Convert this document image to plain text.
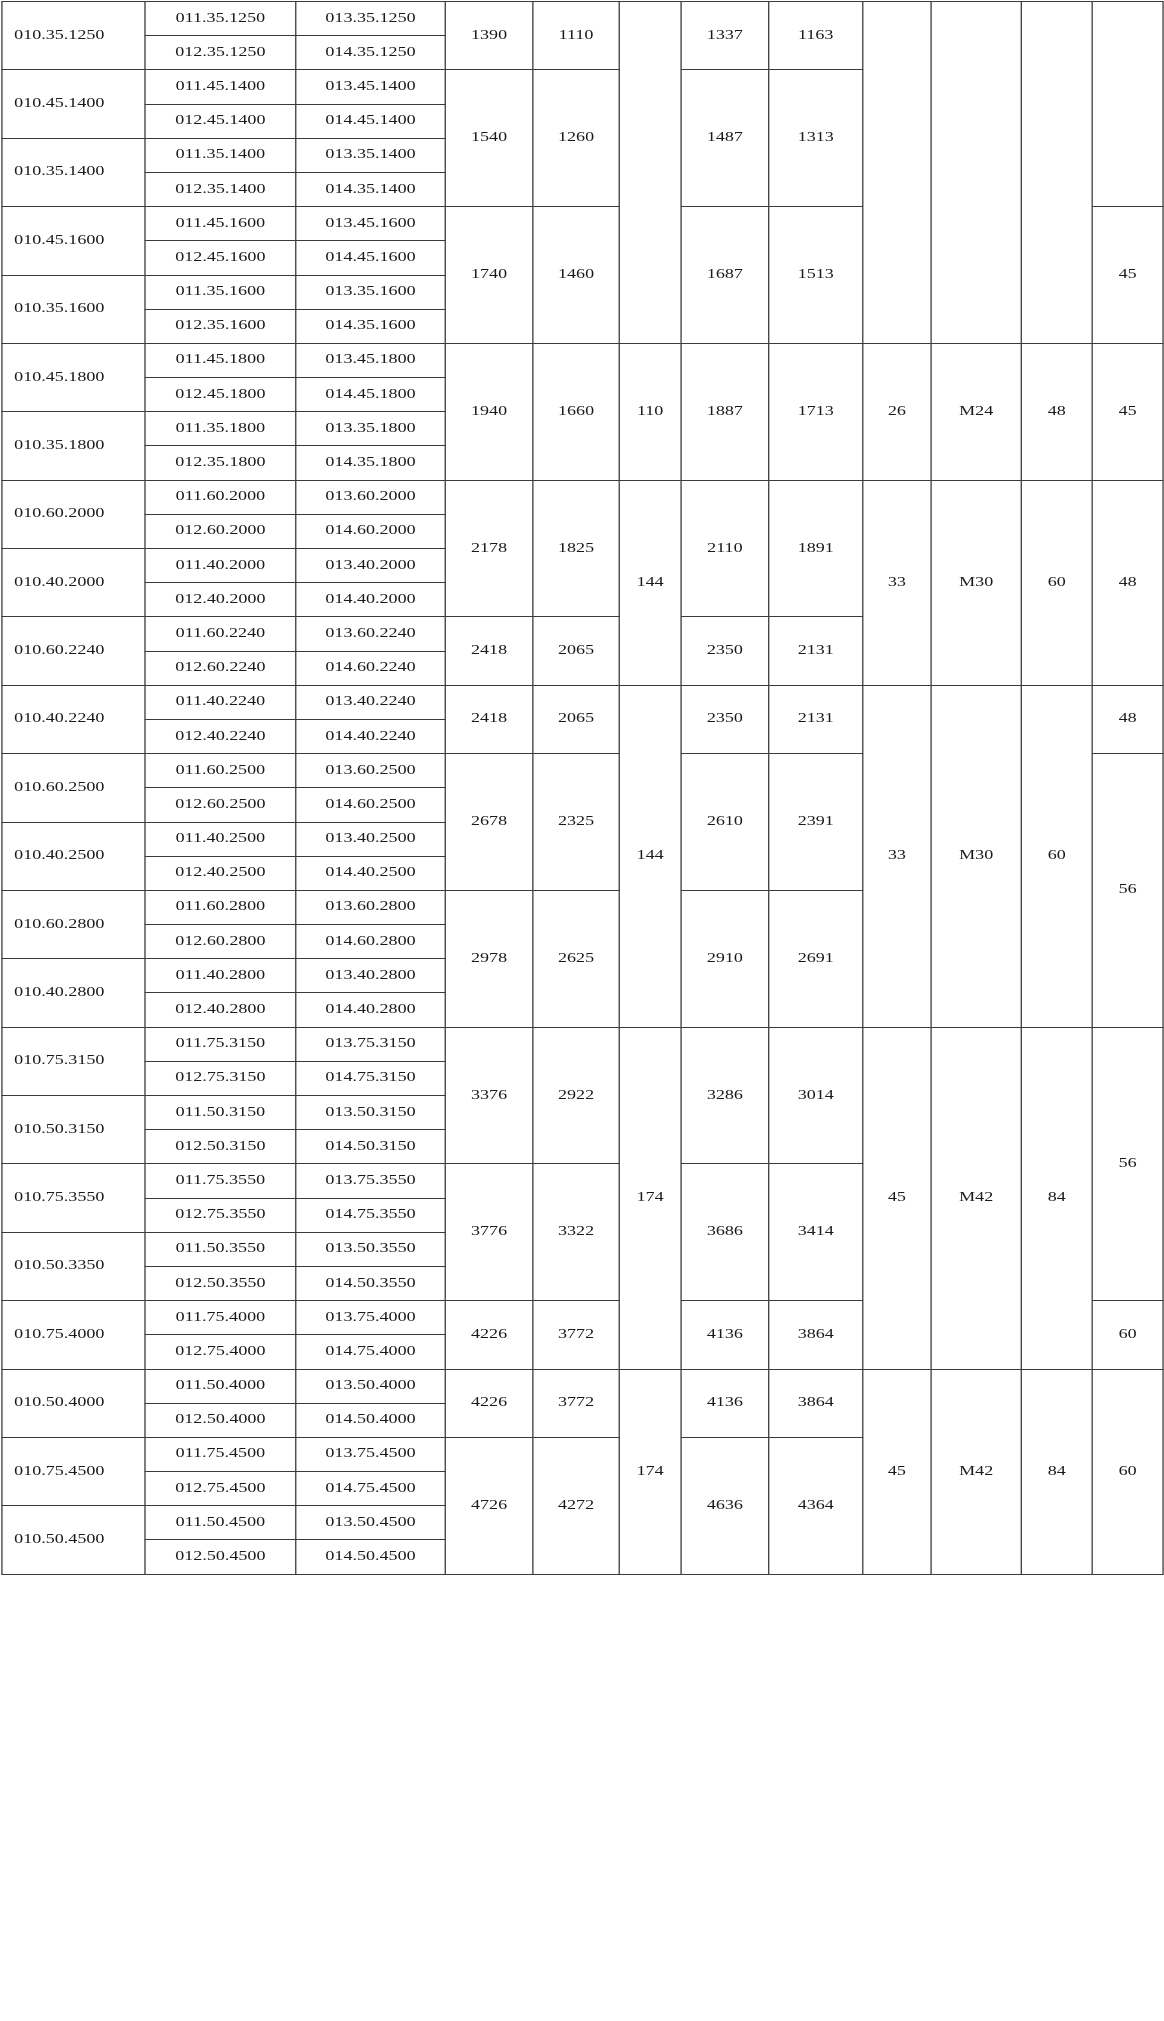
010.35.1250	011.35.1250	013.35.1250	1390	1110		1337	1163				
	012.35.1250	014.35.1250									
010.45.1400	011.45.1400	013.45.1400	1540	1260		1487	1313				
	012.45.1400	014.45.1400									
010.35.1400	011.35.1400	013.35.1400									
	012.35.1400	014.35.1400									
010.45.1600	011.45.1600	013.45.1600	1740	1460		1687	1513				45
	012.45.1600	014.45.1600									
010.35.1600	011.35.1600	013.35.1600									
	012.35.1600	014.35.1600									
010.45.1800	011.45.1800	013.45.1800	1940	1660	110	1887	1713	26	M24	48	45
	012.45.1800	014.45.1800									
010.35.1800	011.35.1800	013.35.1800									
	012.35.1800	014.35.1800									
010.60.2000	011.60.2000	013.60.2000	2178	1825	144	2110	1891	33	M30	60	48
	012.60.2000	014.60.2000									
010.40.2000	011.40.2000	013.40.2000									
	012.40.2000	014.40.2000									
010.60.2240	011.60.2240	013.60.2240	2418	2065		2350	2131				
	012.60.2240	014.60.2240									
010.40.2240	011.40.2240	013.40.2240	2418	2065	144	2350	2131	33	M30	60	48
	012.40.2240	014.40.2240									
010.60.2500	011.60.2500	013.60.2500	2678	2325		2610	2391				56
	012.60.2500	014.60.2500									
010.40.2500	011.40.2500	013.40.2500									
	012.40.2500	014.40.2500									
010.60.2800	011.60.2800	013.60.2800	2978	2625		2910	2691				
	012.60.2800	014.60.2800									
010.40.2800	011.40.2800	013.40.2800									
	012.40.2800	014.40.2800									
010.75.3150	011.75.3150	013.75.3150	3376	2922	174	3286	3014	45	M42	84	56
	012.75.3150	014.75.3150									
010.50.3150	011.50.3150	013.50.3150									
	012.50.3150	014.50.3150									
010.75.3550	011.75.3550	013.75.3550	3776	3322		3686	3414				
	012.75.3550	014.75.3550									
010.50.3350	011.50.3550	013.50.3550									
	012.50.3550	014.50.3550									
010.75.4000	011.75.4000	013.75.4000	4226	3772		4136	3864				60
	012.75.4000	014.75.4000									
010.50.4000	011.50.4000	013.50.4000	4226	3772	174	4136	3864	45	M42	84	60
	012.50.4000	014.50.4000									
010.75.4500	011.75.4500	013.75.4500	4726	4272		4636	4364				
	012.75.4500	014.75.4500									
010.50.4500	011.50.4500	013.50.4500									
	012.50.4500	014.50.4500									
